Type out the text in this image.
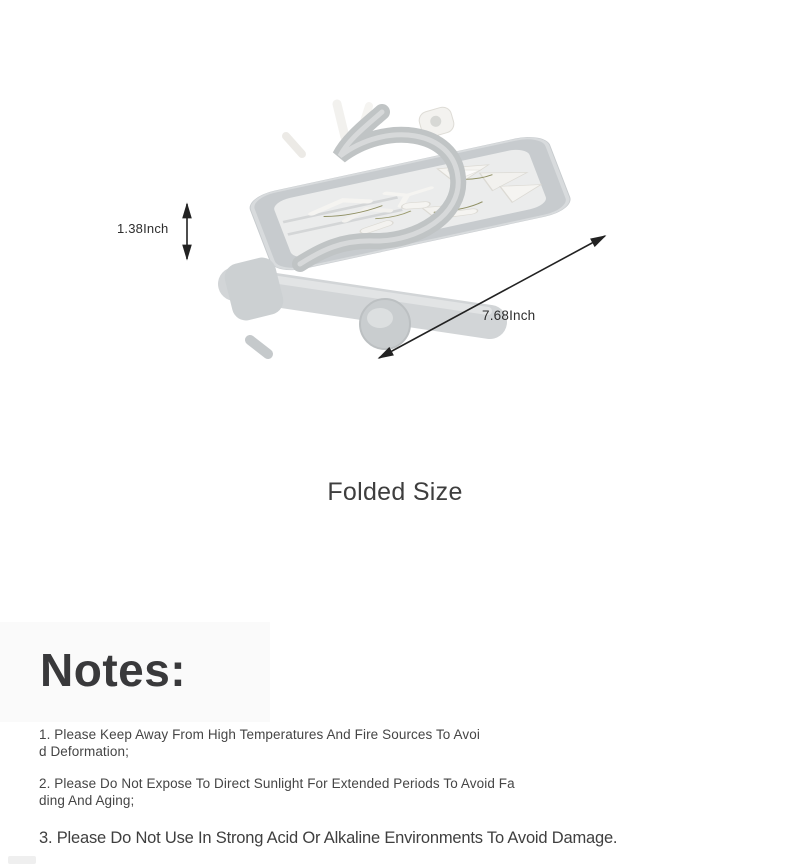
1.38Inch
7.68Inch
Folded Size
Notes:
1. Please Keep Away From High Temperatures And Fire Sources To Avoi
d Deformation;
2. Please Do Not Expose To Direct Sunlight For Extended Periods To Avoid Fa
ding And Aging;
3. Please Do Not Use In Strong Acid Or Alkaline Environments To Avoid Damage.
